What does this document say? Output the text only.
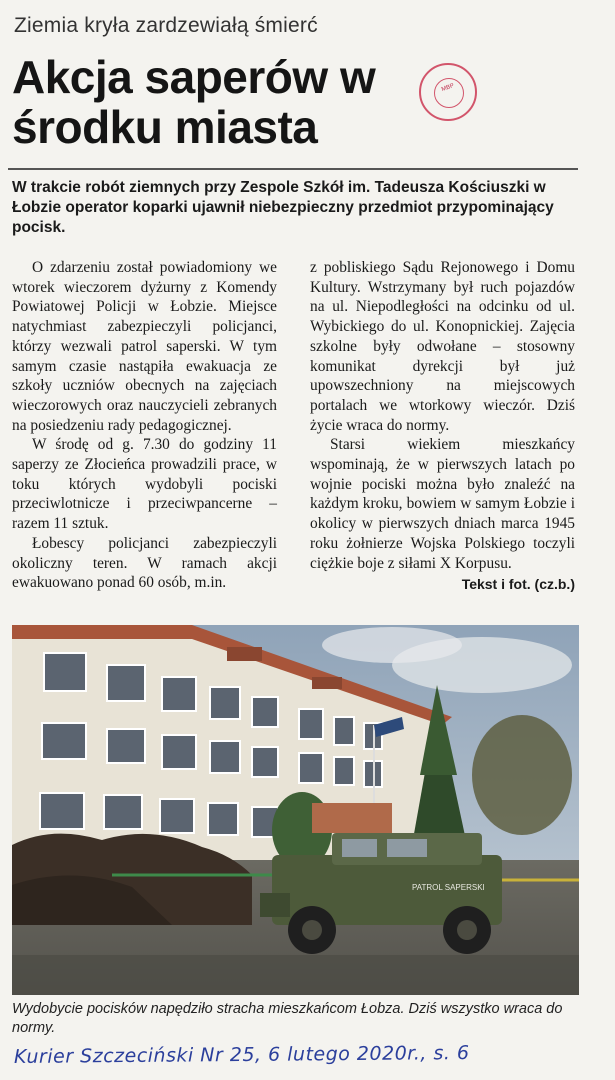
Ziemia kryła zardzewiałą śmierć
Akcja saperów w środku miasta
MBP
W trakcie robót ziemnych przy Zespole Szkół im. Tadeusza Kościuszki w Łobzie operator koparki ujawnił niebezpieczny przedmiot przypominający pocisk.

O zdarzeniu został powiadomiony we wtorek wieczorem dyżurny z Komendy Powiatowej Policji w Łobzie. Miejsce natychmiast zabezpieczyli policjanci, którzy wezwali patrol saperski. W tym samym czasie nastąpiła ewakuacja ze szkoły uczniów obecnych na zajęciach wieczorowych oraz nauczycieli zebranych na posiedzeniu rady pedagogicznej.

W środę od g. 7.30 do godziny 11 saperzy ze Złocieńca prowadzili prace, w toku których wydobyli pociski przeciwlotnicze i przeciwpancerne – razem 11 sztuk.

Łobescy policjanci zabezpieczyli okoliczny teren. W ramach akcji ewakuowano ponad 60 osób, m.in.

z pobliskiego Sądu Rejonowego i Domu Kultury. Wstrzymany był ruch pojazdów na ul. Niepodległości na odcinku od ul. Wybickiego do ul. Konopnickiej. Zajęcia szkolne były odwołane – stosowny komunikat dyrekcji był już upowszechniony na miejscowych portalach we wtorkowy wieczór. Dziś życie wraca do normy.

Starsi wiekiem mieszkańcy wspominają, że w pierwszych latach po wojnie pociski można było znaleźć na każdym kroku, bowiem w samym Łobzie i okolicy w pierwszych dniach marca 1945 roku żołnierze Wojska Polskiego toczyli ciężkie boje z siłami X Korpusu.

Tekst i fot. (cz.b.)

PATROL SAPERSKI
Wydobycie pocisków napędziło stracha mieszkańcom Łobza. Dziś wszystko wraca do normy.
Kurier Szczeciński Nr 25, 6 lutego 2020r., s. 6
